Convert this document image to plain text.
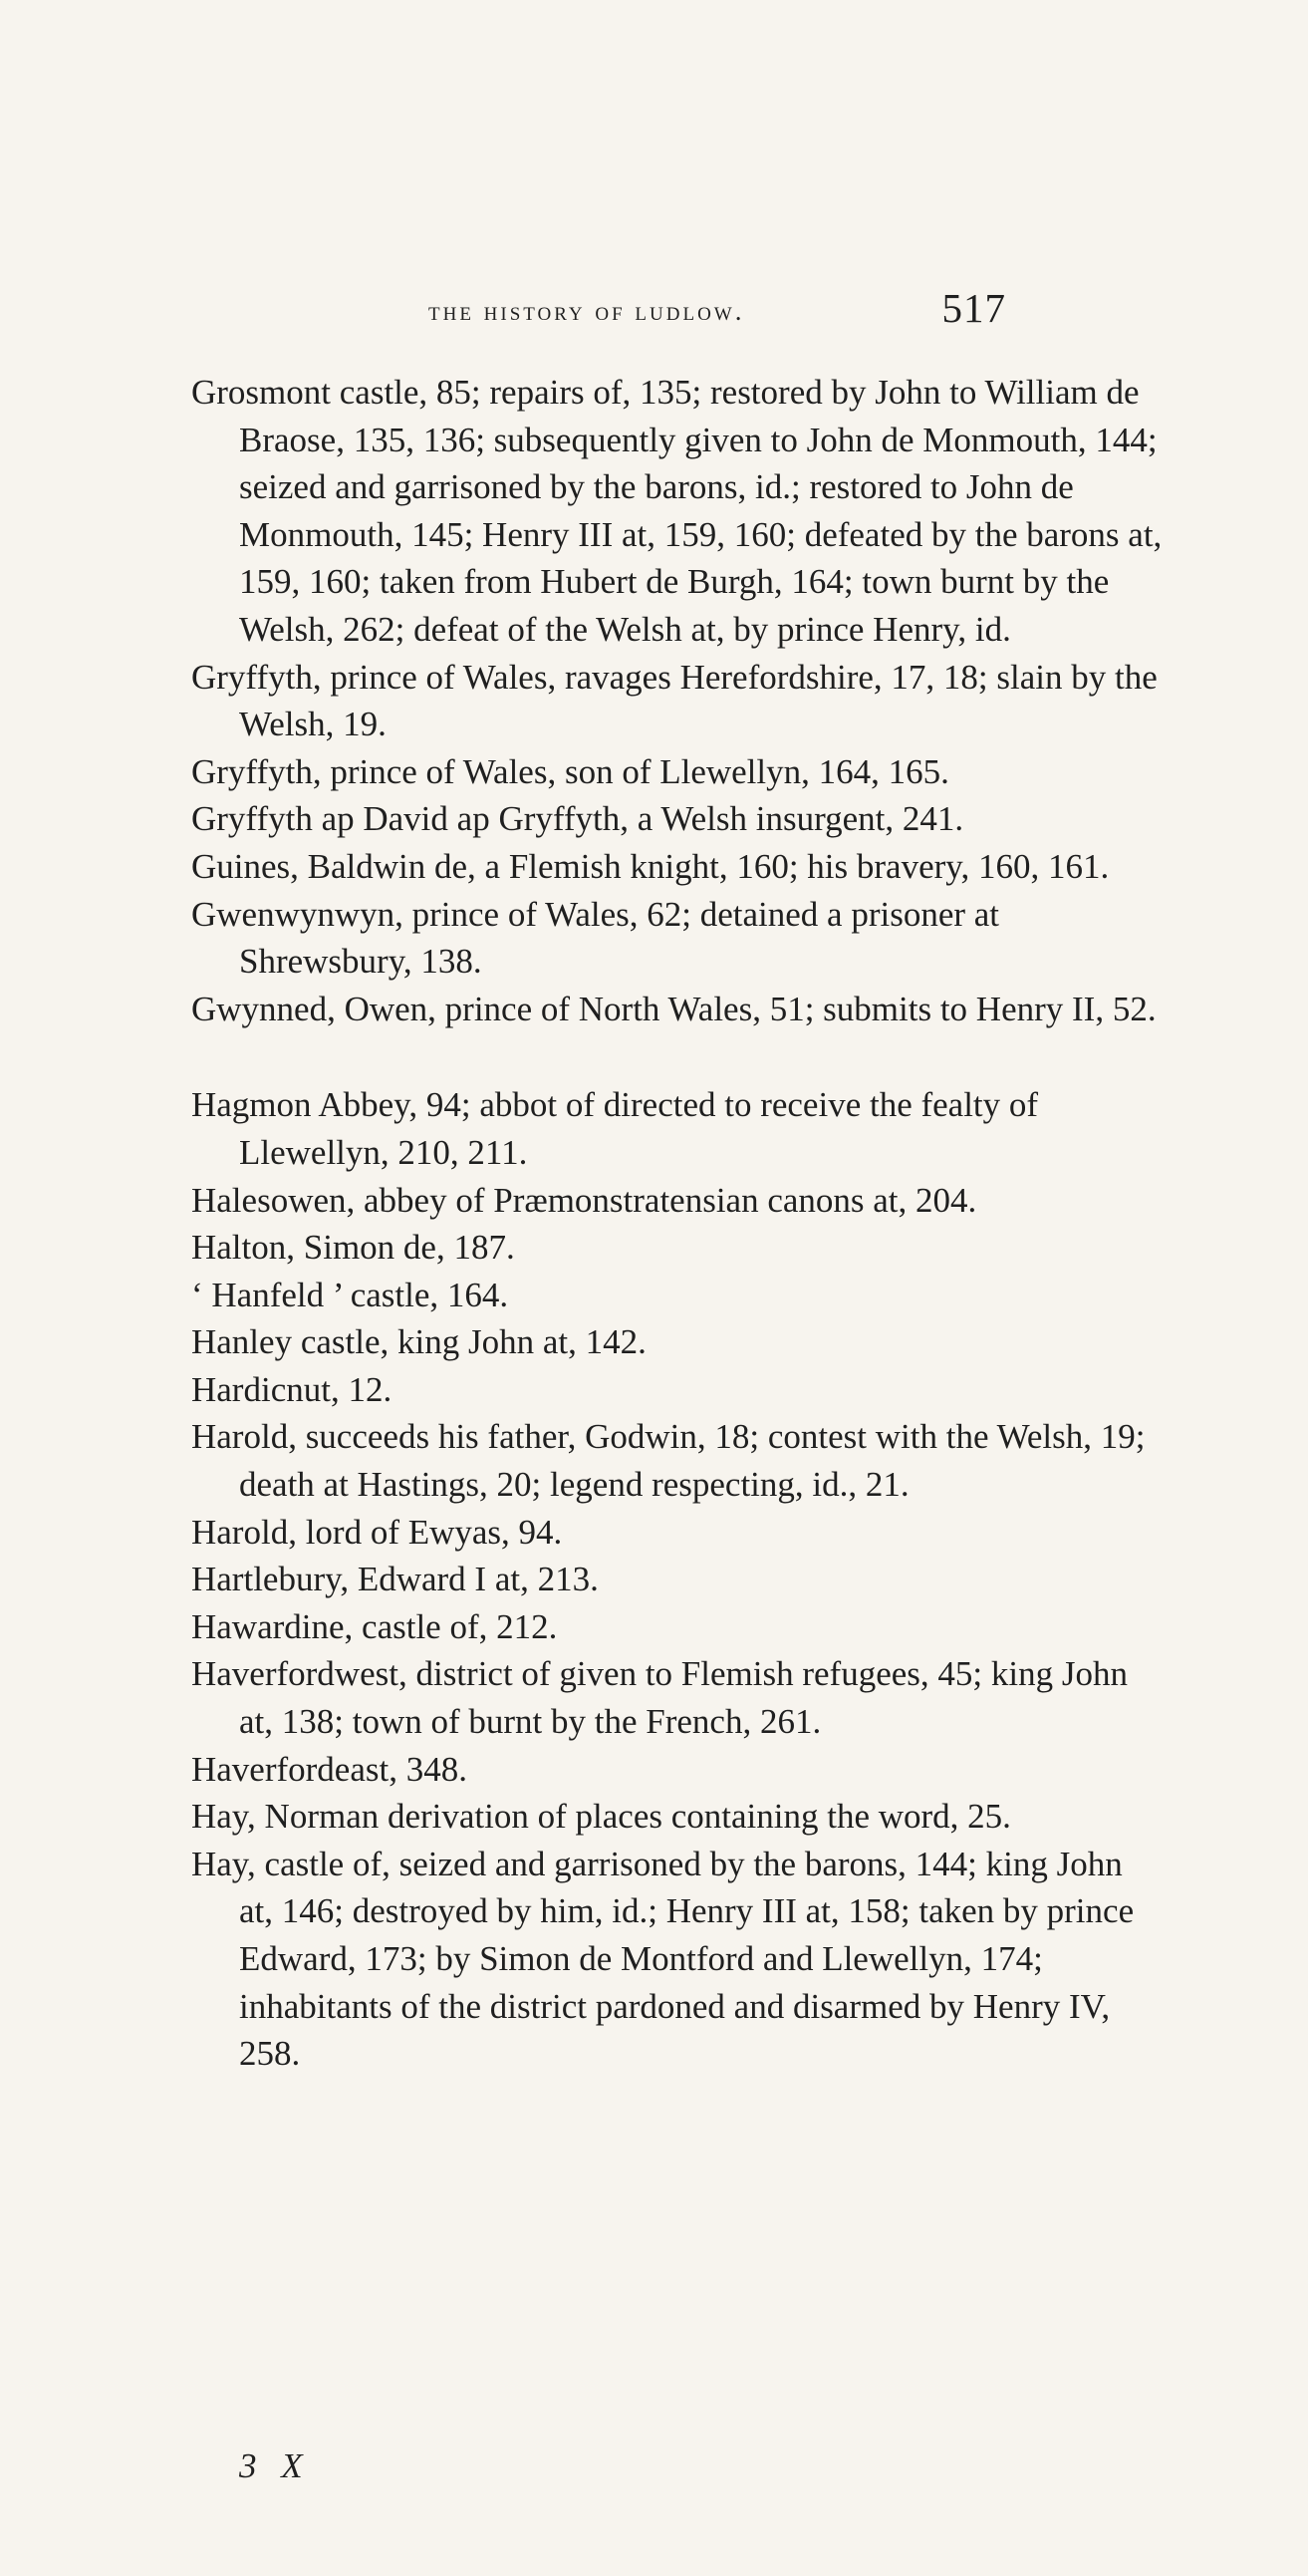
the history of ludlow.	517

Grosmont castle, 85; repairs of, 135; restored by John to William de Braose, 135, 136; subsequently given to John de Monmouth, 144; seized and garrisoned by the barons, id.; restored to John de Monmouth, 145; Henry III at, 159, 160; defeated by the barons at, 159, 160; taken from Hubert de Burgh, 164; town burnt by the Welsh, 262; defeat of the Welsh at, by prince Henry, id.

Gryffyth, prince of Wales, ravages Herefordshire, 17, 18; slain by the Welsh, 19.

Gryffyth, prince of Wales, son of Llewellyn, 164, 165.

Gryffyth ap David ap Gryffyth, a Welsh insurgent, 241.

Guines, Baldwin de, a Flemish knight, 160; his bravery, 160, 161.

Gwenwynwyn, prince of Wales, 62; detained a prisoner at Shrewsbury, 138.

Gwynned, Owen, prince of North Wales, 51; submits to Henry II, 52.

Hagmon Abbey, 94; abbot of directed to receive the fealty of Llewellyn, 210, 211.

Halesowen, abbey of Præmonstratensian canons at, 204.

Halton, Simon de, 187.

‘ Hanfeld ’ castle, 164.

Hanley castle, king John at, 142.

Hardicnut, 12.

Harold, succeeds his father, Godwin, 18; contest with the Welsh, 19; death at Hastings, 20; legend respecting, id., 21.

Harold, lord of Ewyas, 94.

Hartlebury, Edward I at, 213.

Hawardine, castle of, 212.

Haverfordwest, district of given to Flemish refugees, 45; king John at, 138; town of burnt by the French, 261.

Haverfordeast, 348.

Hay, Norman derivation of places containing the word, 25.

Hay, castle of, seized and garrisoned by the barons, 144; king John at, 146; destroyed by him, id.; Henry III at, 158; taken by prince Edward, 173; by Simon de Montford and Llewellyn, 174; inhabitants of the district pardoned and disarmed by Henry IV, 258.

3 X
